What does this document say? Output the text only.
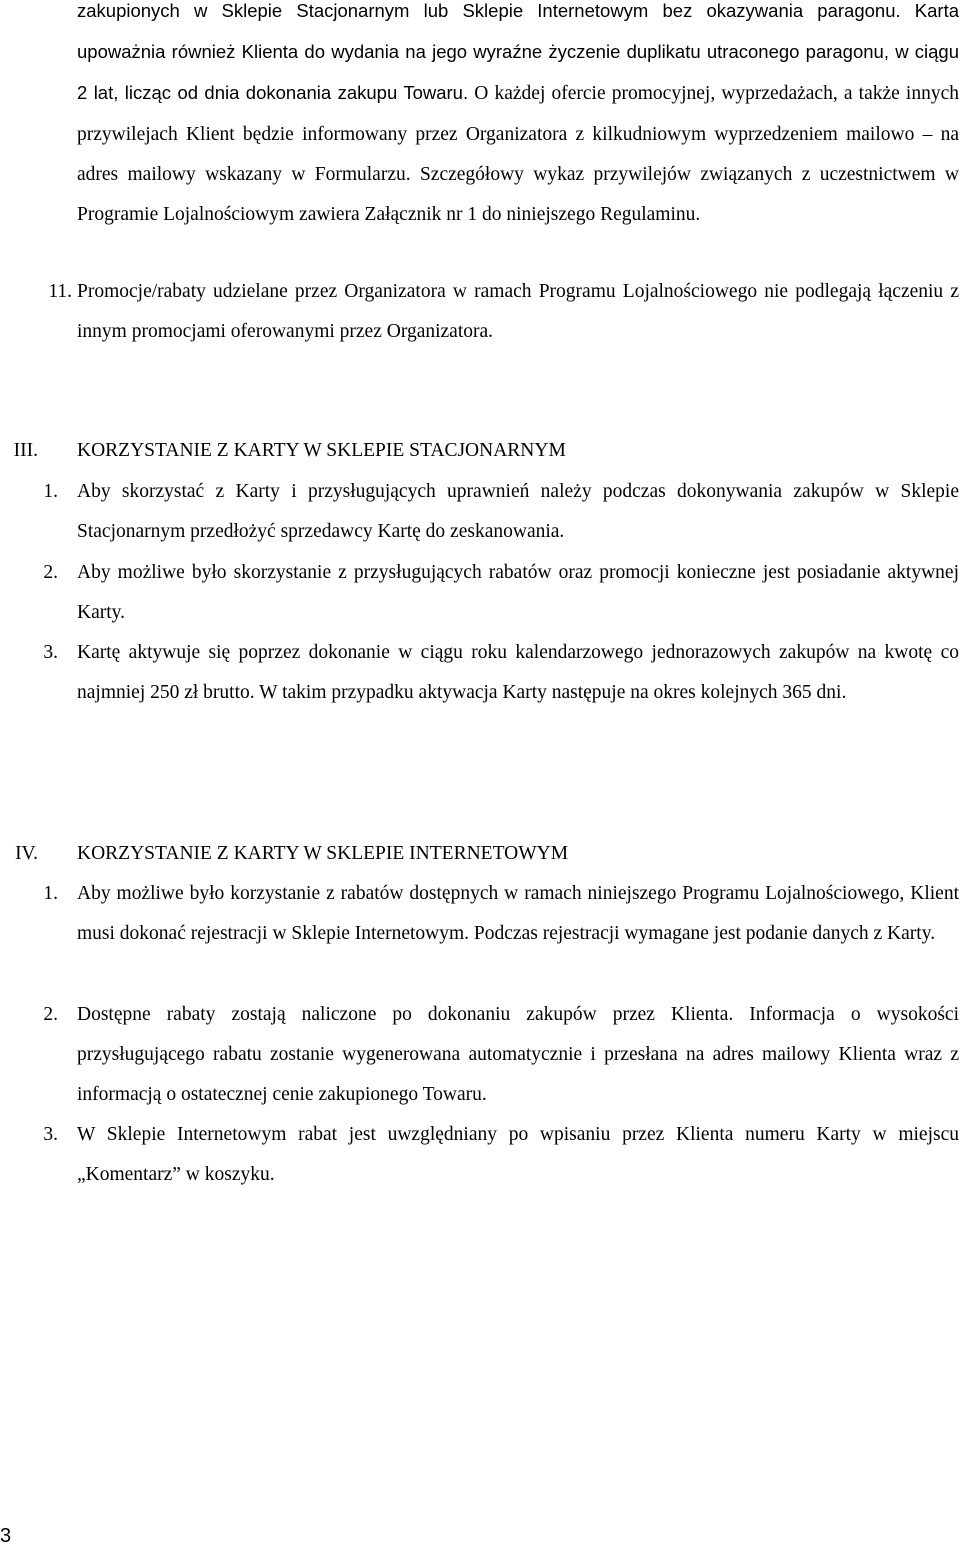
zakupionych w Sklepie Stacjonarnym lub Sklepie Internetowym bez okazywania paragonu. Karta upoważnia również Klienta do wydania na jego wyraźne życzenie duplikatu utraconego paragonu, w ciągu 2 lat, licząc od dnia dokonania zakupu Towaru. O każdej ofercie promocyjnej, wyprzedażach, a także innych przywilejach Klient będzie informowany przez Organizatora z kilkudniowym wyprzedzeniem mailowo – na adres mailowy wskazany w Formularzu. Szczegółowy wykaz przywilejów związanych z uczestnictwem w Programie Lojalnościowym zawiera Załącznik nr 1 do niniejszego Regulaminu.
11. Promocje/rabaty udzielane przez Organizatora w ramach Programu Lojalnościowego nie podlegają łączeniu z innym promocjami oferowanymi przez Organizatora.
III. KORZYSTANIE Z KARTY W SKLEPIE STACJONARNYM
1. Aby skorzystać z Karty i przysługujących uprawnień należy podczas dokonywania zakupów w Sklepie Stacjonarnym przedłożyć sprzedawcy Kartę do zeskanowania.
2. Aby możliwe było skorzystanie z przysługujących rabatów oraz promocji konieczne jest posiadanie aktywnej Karty.
3. Kartę aktywuje się poprzez dokonanie w ciągu roku kalendarzowego jednorazowych zakupów na kwotę co najmniej 250 zł brutto. W takim przypadku aktywacja Karty następuje na okres kolejnych 365 dni.
IV. KORZYSTANIE Z KARTY W SKLEPIE INTERNETOWYM
1. Aby możliwe było korzystanie z rabatów dostępnych w ramach niniejszego Programu Lojalnościowego, Klient musi dokonać rejestracji w Sklepie Internetowym. Podczas rejestracji wymagane jest podanie danych z Karty.
2. Dostępne rabaty zostają naliczone po dokonaniu zakupów przez Klienta. Informacja o wysokości przysługującego rabatu zostanie wygenerowana automatycznie i przesłana na adres mailowy Klienta wraz z informacją o ostatecznej cenie zakupionego Towaru.
3. W Sklepie Internetowym rabat jest uwzględniany po wpisaniu przez Klienta numeru Karty w miejscu „Komentarz” w koszyku.
3
